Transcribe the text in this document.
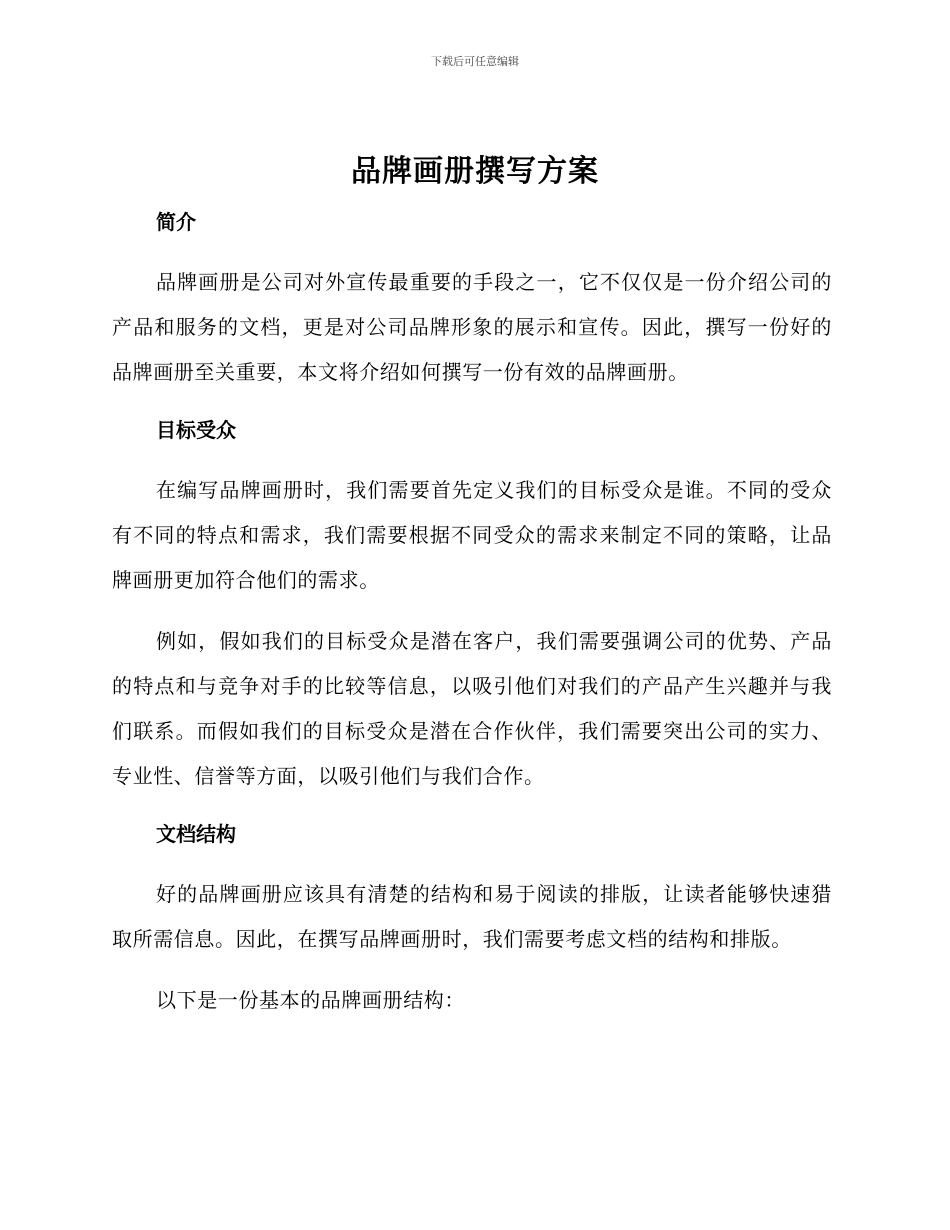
下载后可任意编辑
品牌画册撰写方案
简介

品牌画册是公司对外宣传最重要的手段之一，它不仅仅是一份介绍公司的产品和服务的文档，更是对公司品牌形象的展示和宣传。因此，撰写一份好的品牌画册至关重要，本文将介绍如何撰写一份有效的品牌画册。

目标受众

在编写品牌画册时，我们需要首先定义我们的目标受众是谁。不同的受众有不同的特点和需求，我们需要根据不同受众的需求来制定不同的策略，让品牌画册更加符合他们的需求。

例如，假如我们的目标受众是潜在客户，我们需要强调公司的优势、产品的特点和与竞争对手的比较等信息，以吸引他们对我们的产品产生兴趣并与我们联系。而假如我们的目标受众是潜在合作伙伴，我们需要突出公司的实力、专业性、信誉等方面，以吸引他们与我们合作。

文档结构

好的品牌画册应该具有清楚的结构和易于阅读的排版，让读者能够快速猎取所需信息。因此，在撰写品牌画册时，我们需要考虑文档的结构和排版。

以下是一份基本的品牌画册结构：
